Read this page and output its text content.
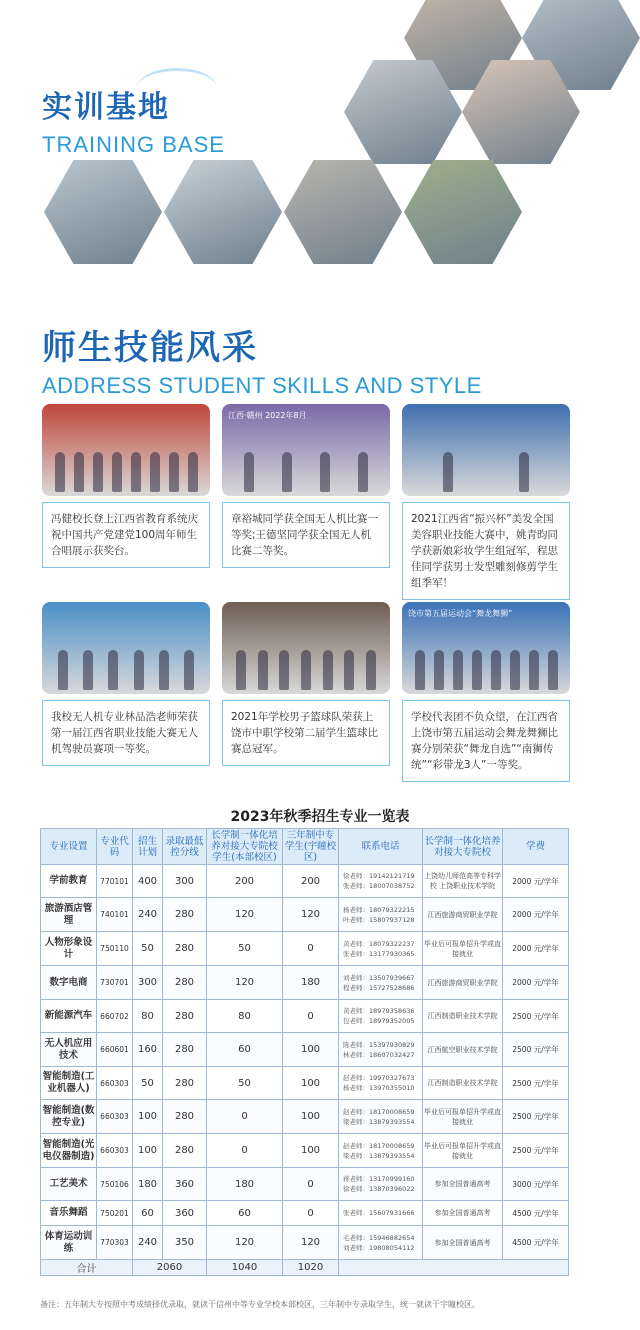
实训基地
TRAINING BASE
师生技能风采
ADDRESS STUDENT SKILLS AND STYLE
冯健校长登上江西省教育系统庆祝中国共产党建党100周年师生合唱展示获奖台。
江西·赣州 2022年8月
章裕城同学获全国无人机比赛一等奖;王德坚同学获全国无人机比赛二等奖。
2021江西省“振兴杯”美发全国美容职业技能大赛中，姚青昀同学获新娘彩妆学生组冠军，程思佳同学获男士发型雕刻修剪学生组季军！
我校无人机专业林品浩老师荣获第一届江西省职业技能大赛无人机驾驶员赛项一等奖。
2021年学校男子篮球队荣获上饶市中职学校第二届学生篮球比赛总冠军。
饶市第五届运动会“舞龙舞狮”
学校代表团不负众望，在江西省上饶市第五届运动会舞龙舞狮比赛分别荣获“舞龙自选”“南狮传统”“彩带龙3人”一等奖。
2023年秋季招生专业一览表
专业设置	专业代码	招生计划	录取最低控分线	长学制一体化培养对接大专院校学生(本部校区)	三年制中专学生(宇瞳校区)	联系电话	长学制一体化培养对接大专院校	学费
学前教育	770101	400	300	200	200	徐老师：19142121719
张老师：18007038752	上饶幼儿师范高等专科学校 上饶职业技术学院	2000 元/学年
旅游酒店管理	740101	240	280	120	120	杨老师：18079322215
叶老师：15807937128	江西旅游商贸职业学院	2000 元/学年
人物形象设计	750110	50	280	50	0	黄老师：18079322237
张老师：13177930365	毕业后可报单招升学或直接就业	2000 元/学年
数字电商	730701	300	280	120	180	刘老师：13507939667
程老师：15727528686	江西旅游商贸职业学院	2000 元/学年
新能源汽车	660702	80	280	80	0	黄老师：18979358636
包老师：18979352005	江西制造职业技术学院	2500 元/学年
无人机应用技术	660601	160	280	60	100	陈老师：15397930829
林老师：18607032427	江西航空职业技术学院	2500 元/学年
智能制造(工业机器人)	660303	50	280	50	100	赵老师：19970327673
杨老师：13970355010	江西制造职业技术学院	2500 元/学年
智能制造(数控专业)	660303	100	280	0	100	赵老师：18170008659
梁老师：13879393554	毕业后可报单招升学或直接就业	2500 元/学年
智能制造(光电仪器制造)	660303	100	280	0	100	赵老师：18170008659
梁老师：13879393554	毕业后可报单招升学或直接就业	2500 元/学年
工艺美术	750106	180	360	180	0	蒋老师：13170999160
徐老师：13870396022	参加全国普通高考	3000 元/学年
音乐舞蹈	750201	60	360	60	0	张老师：15607931666	参加全国普通高考	4500 元/学年
体育运动训练	770303	240	350	120	120	毛老师：15946882654
刘老师：19808054112	参加全国普通高考	4500 元/学年
合计		2060		1040	1020			
备注：五年制大专按照中考成绩择优录取，就读于信州中等专业学校本部校区，三年制中专录取学生，统一就读于宇瞳校区。
